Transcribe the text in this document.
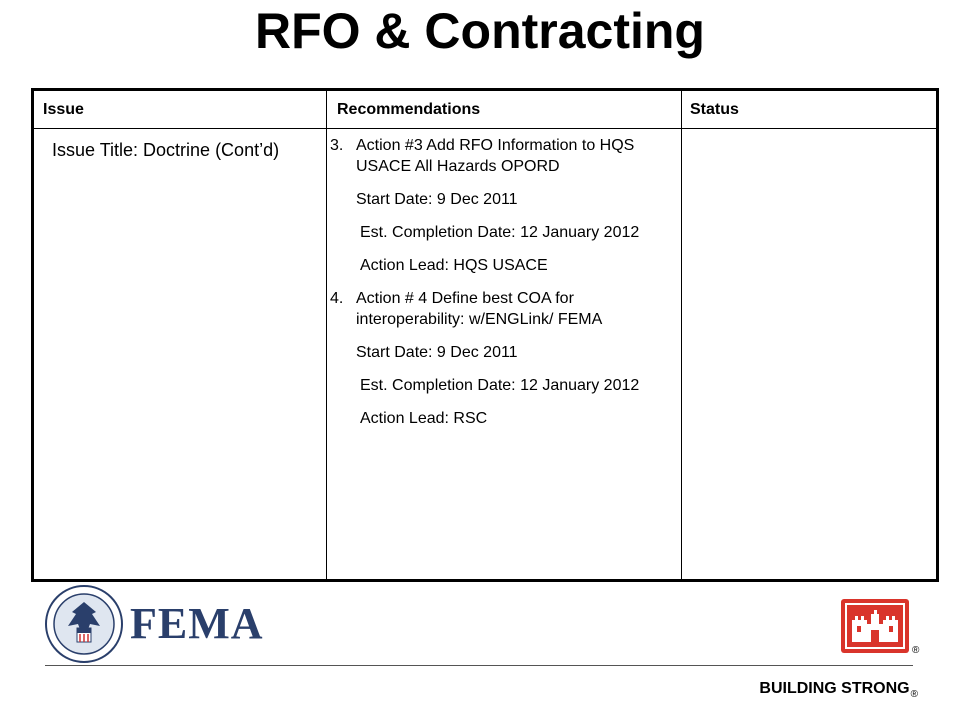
RFO & Contracting
Issue	Recommendations	Status
Issue Title: Doctrine (Cont’d)	3. Action #3 Add RFO Information to HQS USACE All Hazards OPORD
Start Date: 9 Dec 2011
Est. Completion Date: 12 January 2012
Action Lead: HQS USACE
4. Action # 4 Define best COA for interoperability: w/ENGLink/ FEMA
Start Date: 9 Dec 2011
Est. Completion Date: 12 January 2012
Action Lead: RSC
FEMA
®
BUILDING $STRONG_®$
